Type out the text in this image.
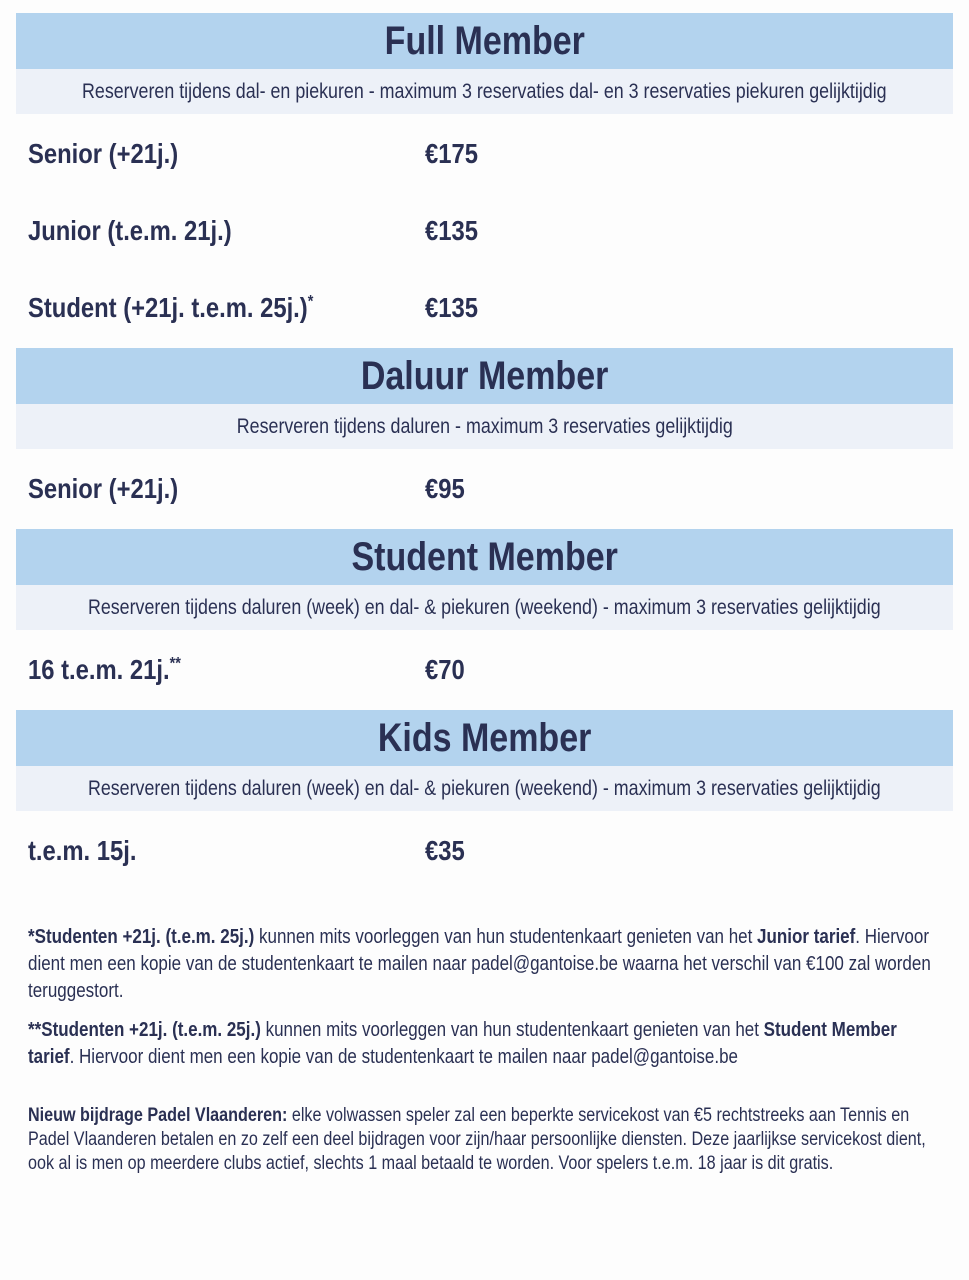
Full Member
Reserveren tijdens dal- en piekuren - maximum 3 reservaties dal- en 3 reservaties piekuren gelijktijdig
Senior (+21j.)	€175
Junior (t.e.m. 21j.)	€135
Student (+21j. t.e.m. 25j.)*	€135
Daluur Member
Reserveren tijdens daluren - maximum 3 reservaties gelijktijdig
Senior (+21j.)	€95
Student Member
Reserveren tijdens daluren (week) en dal- & piekuren (weekend) - maximum 3 reservaties gelijktijdig
16 t.e.m. 21j.**	€70
Kids Member
Reserveren tijdens daluren (week) en dal- & piekuren (weekend) - maximum 3 reservaties gelijktijdig
t.e.m. 15j.	€35

*Studenten +21j. (t.e.m. 25j.) kunnen mits voorleggen van hun studentenkaart genieten van het Junior tarief. Hiervoor dient men een kopie van de studentenkaart te mailen naar padel@gantoise.be waarna het verschil van €100 zal worden teruggestort.

**Studenten +21j. (t.e.m. 25j.) kunnen mits voorleggen van hun studentenkaart genieten van het Student Member tarief. Hiervoor dient men een kopie van de studentenkaart te mailen naar padel@gantoise.be

Nieuw bijdrage Padel Vlaanderen: elke volwassen speler zal een beperkte servicekost van €5 rechtstreeks aan Tennis en Padel Vlaanderen betalen en zo zelf een deel bijdragen voor zijn/haar persoonlijke diensten. Deze jaarlijkse servicekost dient, ook al is men op meerdere clubs actief, slechts 1 maal betaald te worden. Voor spelers t.e.m. 18 jaar is dit gratis.
